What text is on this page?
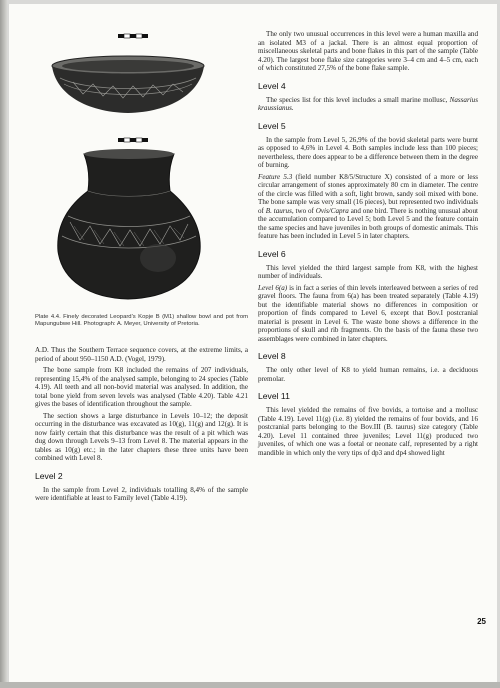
Plate 4.4. Finely decorated Leopard’s Kopje B (M1) shallow bowl and pot from Mapungubwe Hill. Photograph: A. Meyer, University of Pretoria.

A.D. Thus the Southern Terrace sequence covers, at the extreme limits, a period of about 950–1150 A.D. (Vogel, 1979).

The bone sample from K8 included the remains of 207 individuals, representing 15,4% of the analysed sample, belonging to 24 species (Table 4.19). All teeth and all non-bovid material was analysed. In addition, the total bone yield from seven levels was analysed (Table 4.20). Table 4.21 gives the bases of identification throughout the sample.

The section shows a large disturbance in Levels 10–12; the deposit occurring in the disturbance was excavated as 10(g), 11(g) and 12(g). It is now fairly certain that this disturbance was the result of a pit which was dug down through Levels 9–13 from Level 8. The material appears in the tables as 10(g) etc.; in the later chapters these three units have been combined with Level 8.

Level 2

In the sample from Level 2, individuals totalling 8,4% of the sample were identifiable at least to Family level (Table 4.19).

The only two unusual occurrences in this level were a human maxilla and an isolated M3 of a jackal. There is an almost equal proportion of miscellaneous skeletal parts and bone flakes in this part of the sample (Table 4.20). The largest bone flake size categories were 3–4 cm and 4–5 cm, each of which constituted 27,5% of the bone flake sample.

Level 4

The species list for this level includes a small marine mollusc, Nassarius kraussianus.

Level 5

In the sample from Level 5, 26,9% of the bovid skeletal parts were burnt as opposed to 4,6% in Level 4. Both samples include less than 100 pieces; nevertheless, there does appear to be a difference between them in the degree of burning.

Feature 5.3 (field number K8/5/Structure X) consisted of a more or less circular arrangement of stones approximately 80 cm in diameter. The centre of the circle was filled with a soft, light brown, sandy soil mixed with bone. The bone sample was very small (16 pieces), but represented two individuals of B. taurus, two of Ovis/Capra and one bird. There is nothing unusual about the accumulation compared to Level 5; both Level 5 and the feature contain the same species and have juveniles in both groups of domestic animals. This feature has been included in Level 5 in later chapters.

Level 6

This level yielded the third largest sample from K8, with the highest number of individuals.

Level 6(a) is in fact a series of thin levels interleaved between a series of red gravel floors. The fauna from 6(a) has been treated separately (Table 4.19) but the identifiable material shows no differences in composition or proportion of finds compared to Level 6, except that Bov.I postcranial material is present in Level 6. The waste bone shows a difference in the proportions of skull and rib fragments. On the basis of the fauna these two assemblages were combined in later chapters.

Level 8

The only other level of K8 to yield human remains, i.e. a deciduous premolar.

Level 11

This level yielded the remains of five bovids, a tortoise and a mollusc (Table 4.19). Level 11(g) (i.e. 8) yielded the remains of four bovids, and 16 postcranial parts belonging to the Bov.III (B. taurus) size category (Table 4.20). Level 11 contained three juveniles; Level 11(g) produced two juveniles, of which one was a foetal or neonate calf, represented by a right mandible in which only the very tips of dp3 and dp4 showed light

25
